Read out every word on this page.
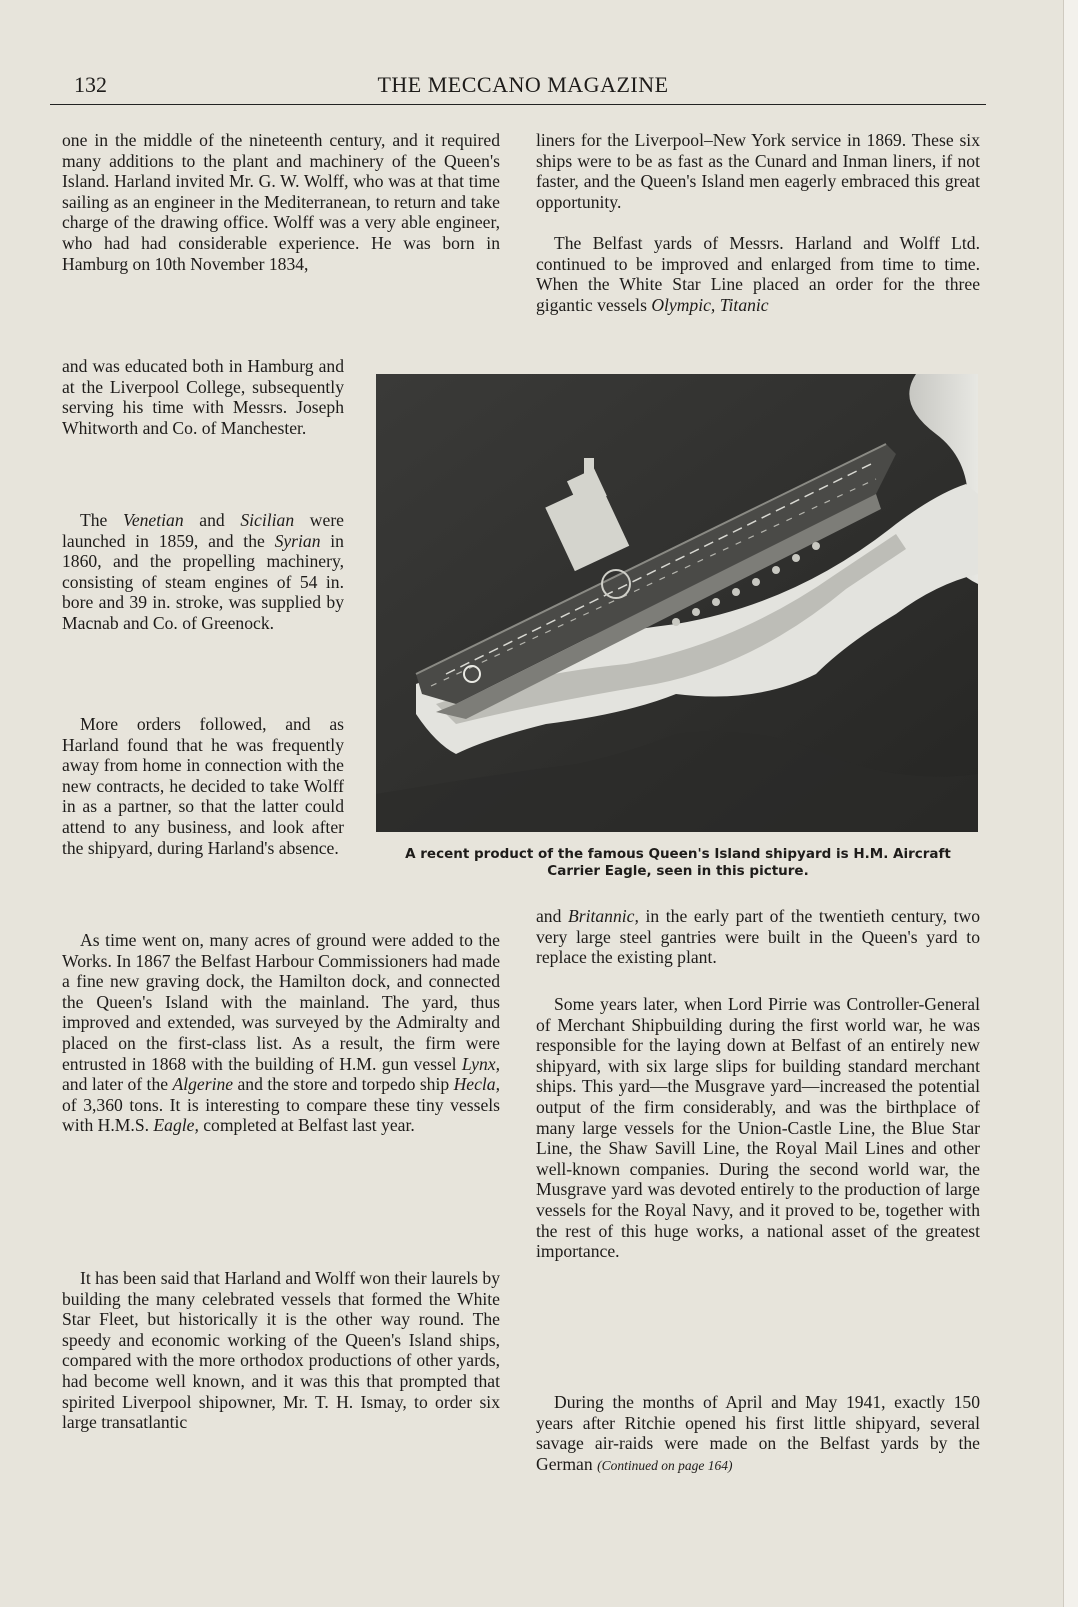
132	THE MECCANO MAGAZINE

one in the middle of the nineteenth century, and it required many additions to the plant and machinery of the Queen's Island. Harland invited Mr. G. W. Wolff, who was at that time sailing as an engineer in the Mediterranean, to return and take charge of the drawing office. Wolff was a very able engineer, who had had considerable experience. He was born in Hamburg on 10th November 1834,

and was educated both in Hamburg and at the Liverpool College, subsequently serving his time with Messrs. Joseph Whitworth and Co. of Manchester.

The Venetian and Sicilian were launched in 1859, and the Syrian in 1860, and the propelling machinery, consisting of steam engines of 54 in. bore and 39 in. stroke, was supplied by Macnab and Co. of Greenock.

More orders followed, and as Harland found that he was frequently away from home in connection with the new contracts, he decided to take Wolff in as a partner, so that the latter could attend to any business, and look after the shipyard, during Harland's absence.

As time went on, many acres of ground were added to the Works. In 1867 the Belfast Harbour Commissioners had made a fine new graving dock, the Hamilton dock, and connected the Queen's Island with the mainland. The yard, thus improved and extended, was surveyed by the Admiralty and placed on the first-class list. As a result, the firm were entrusted in 1868 with the building of H.M. gun vessel Lynx, and later of the Algerine and the store and torpedo ship Hecla, of 3,360 tons. It is interesting to compare these tiny vessels with H.M.S. Eagle, completed at Belfast last year.

It has been said that Harland and Wolff won their laurels by building the many celebrated vessels that formed the White Star Fleet, but historically it is the other way round. The speedy and economic working of the Queen's Island ships, compared with the more orthodox productions of other yards, had become well known, and it was this that prompted that spirited Liverpool shipowner, Mr. T. H. Ismay, to order six large transatlantic

liners for the Liverpool–New York service in 1869. These six ships were to be as fast as the Cunard and Inman liners, if not faster, and the Queen's Island men eagerly embraced this great opportunity.

The Belfast yards of Messrs. Harland and Wolff Ltd. continued to be improved and enlarged from time to time. When the White Star Line placed an order for the three gigantic vessels Olympic, Titanic

A recent product of the famous Queen's Island shipyard is H.M. Aircraft Carrier Eagle, seen in this picture.

and Britannic, in the early part of the twentieth century, two very large steel gantries were built in the Queen's yard to replace the existing plant.

Some years later, when Lord Pirrie was Controller-General of Merchant Shipbuilding during the first world war, he was responsible for the laying down at Belfast of an entirely new shipyard, with six large slips for building standard merchant ships. This yard—the Musgrave yard—increased the potential output of the firm considerably, and was the birthplace of many large vessels for the Union-Castle Line, the Blue Star Line, the Shaw Savill Line, the Royal Mail Lines and other well-known companies. During the second world war, the Musgrave yard was devoted entirely to the production of large vessels for the Royal Navy, and it proved to be, together with the rest of this huge works, a national asset of the greatest importance.

During the months of April and May 1941, exactly 150 years after Ritchie opened his first little shipyard, several savage air-raids were made on the Belfast yards by the German (Continued on page 164)
